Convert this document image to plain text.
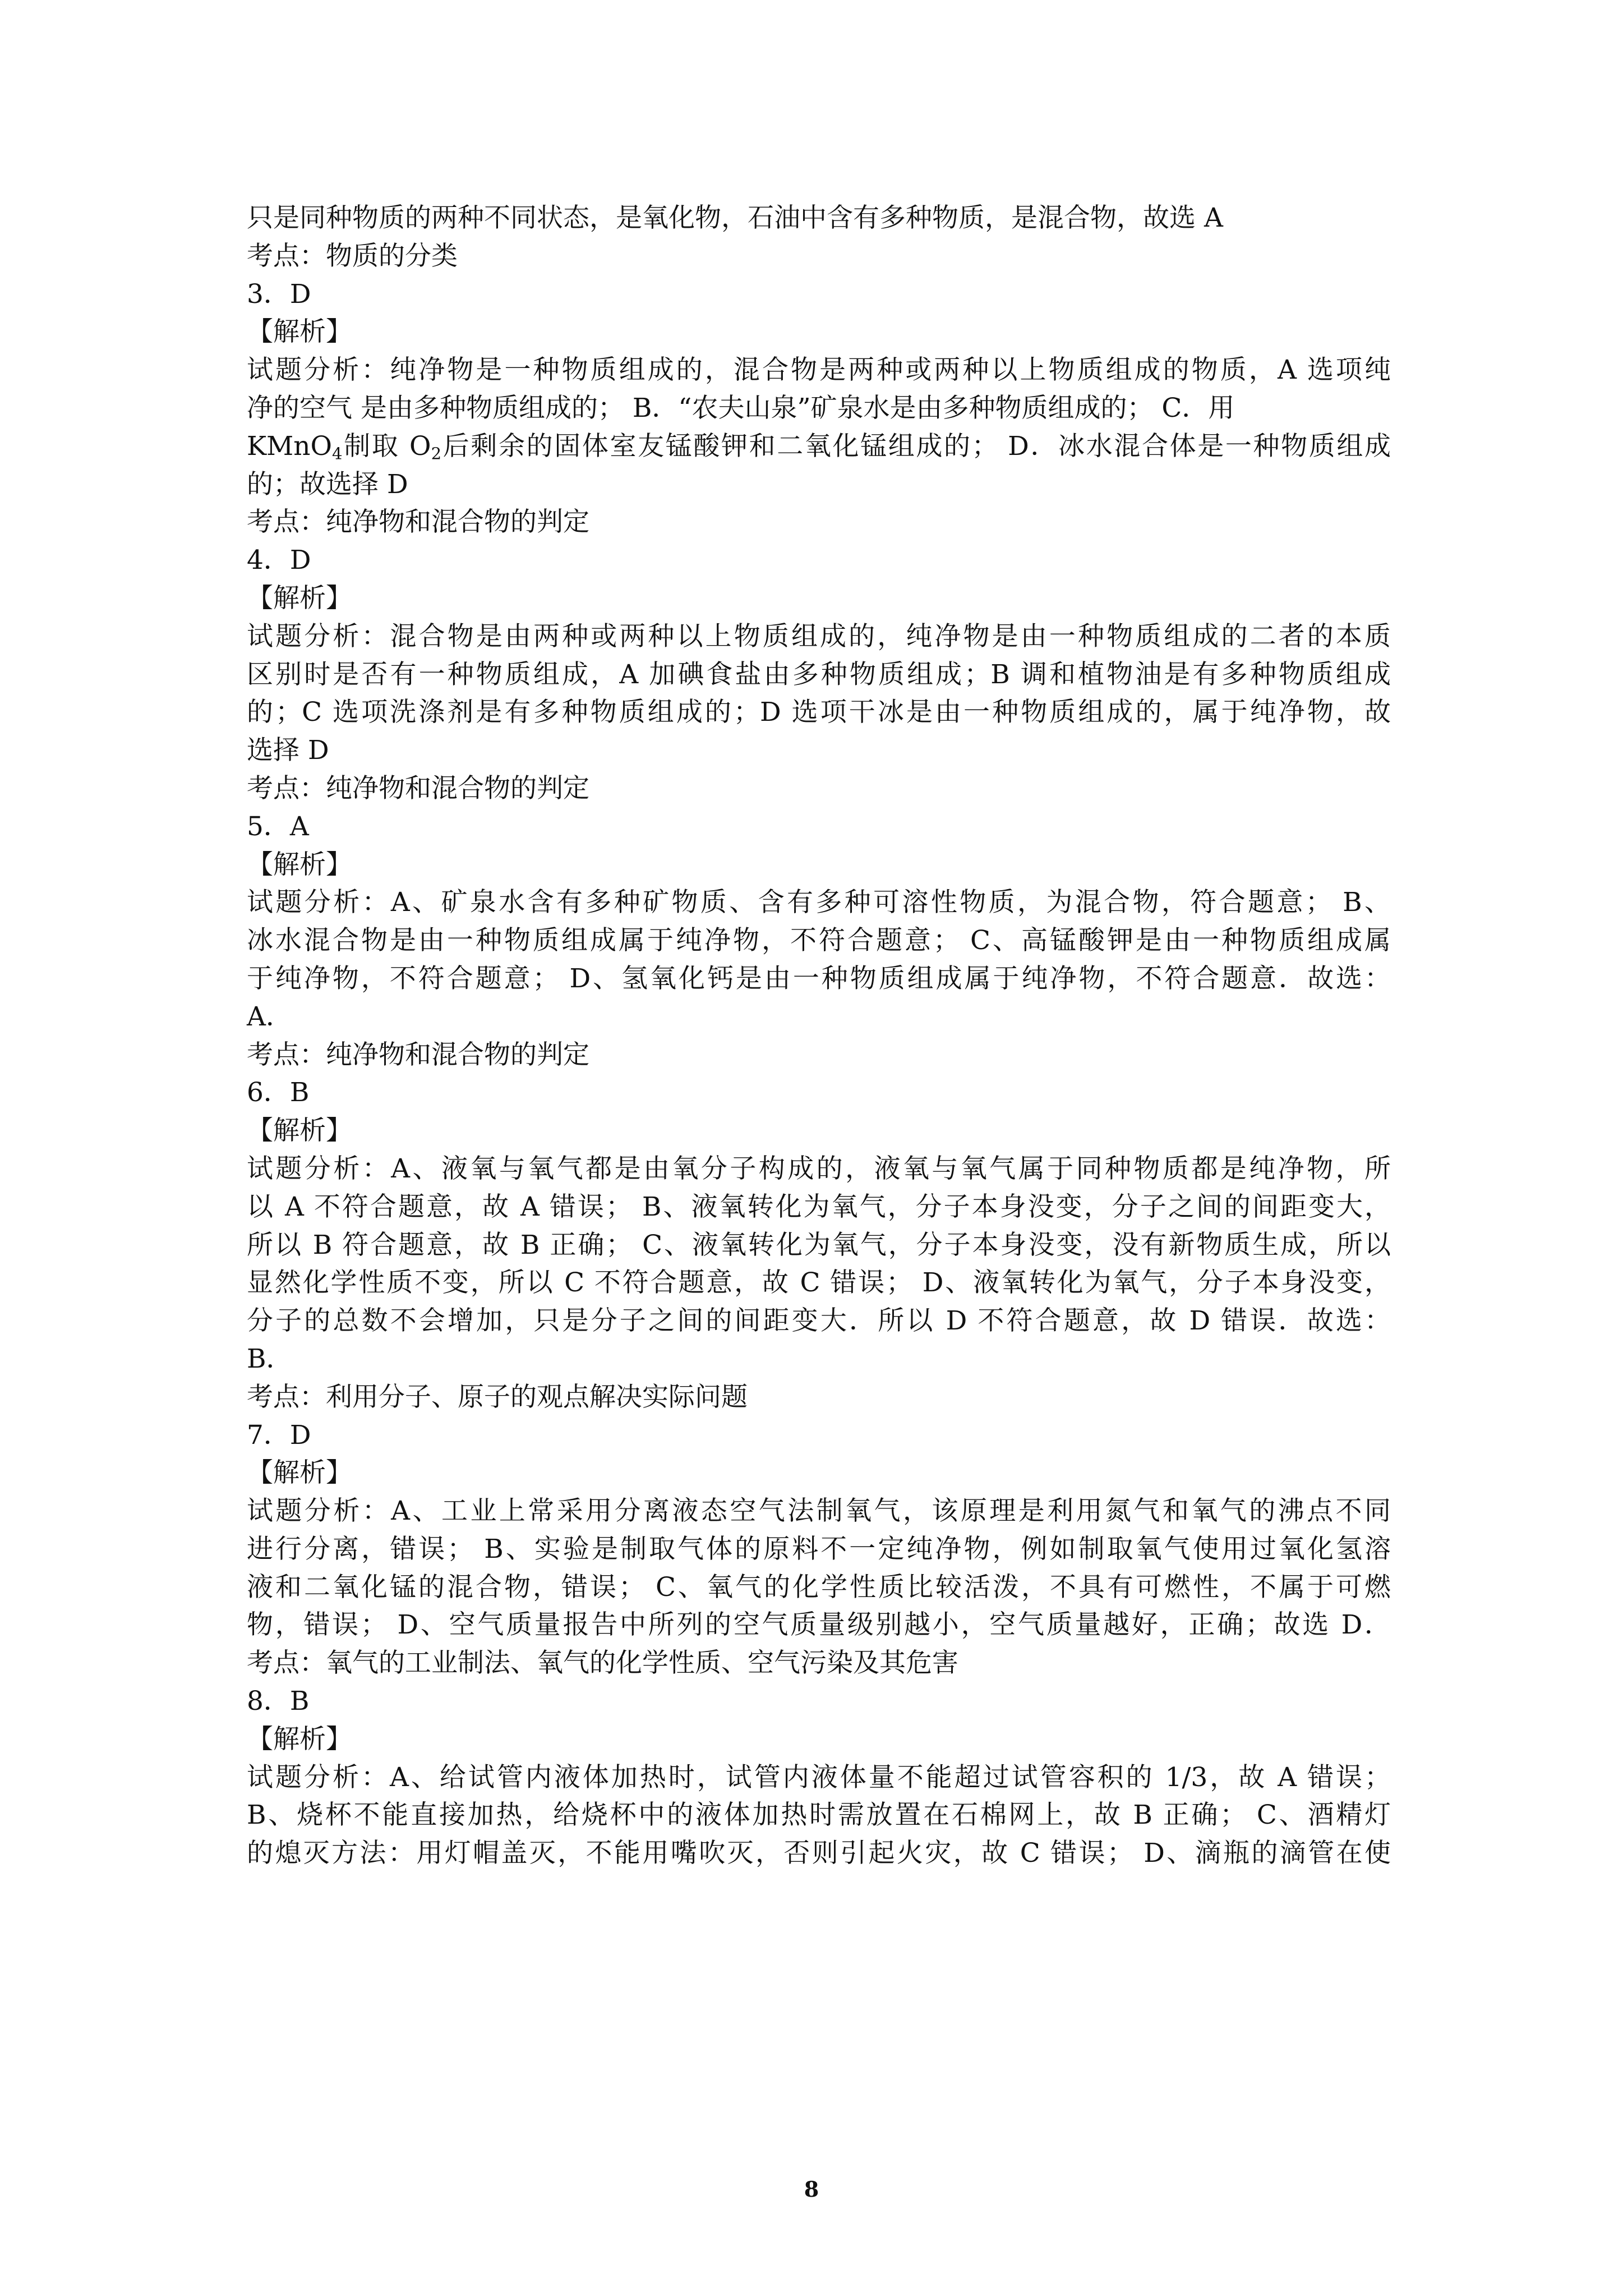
只是同种物质的两种不同状态，是氧化物，石油中含有多种物质，是混合物，故选 A
考点：物质的分类
3．D
【解析】
试题分析：纯净物是一种物质组成的，混合物是两种或两种以上物质组成的物质，A 选项纯
净的空气 是由多种物质组成的； B．“农夫山泉”矿泉水是由多种物质组成的； C．用
KMnO$_4$制取 $O_2$后剩余的固体室友锰酸钾和二氧化锰组成的； D．冰水混合体是一种物质组成
的；故选择 D
考点：纯净物和混合物的判定
4．D
【解析】
试题分析：混合物是由两种或两种以上物质组成的，纯净物是由一种物质组成的二者的本质
区别时是否有一种物质组成，A 加碘食盐由多种物质组成；B 调和植物油是有多种物质组成
的；C 选项洗涤剂是有多种物质组成的；D 选项干冰是由一种物质组成的，属于纯净物，故
选择 D
考点：纯净物和混合物的判定
5．A
【解析】
试题分析：A、矿泉水含有多种矿物质、含有多种可溶性物质，为混合物，符合题意； B、
冰水混合物是由一种物质组成属于纯净物，不符合题意； C、高锰酸钾是由一种物质组成属
于纯净物，不符合题意； D、氢氧化钙是由一种物质组成属于纯净物，不符合题意．故选：
A．
考点：纯净物和混合物的判定
6．B
【解析】
试题分析：A、液氧与氧气都是由氧分子构成的，液氧与氧气属于同种物质都是纯净物，所
以 A 不符合题意，故 A 错误； B、液氧转化为氧气，分子本身没变，分子之间的间距变大，
所以 B 符合题意，故 B 正确； C、液氧转化为氧气，分子本身没变，没有新物质生成，所以
显然化学性质不变，所以 C 不符合题意，故 C 错误； D、液氧转化为氧气，分子本身没变，
分子的总数不会增加，只是分子之间的间距变大．所以 D 不符合题意，故 D 错误．故选：
B．
考点：利用分子、原子的观点解决实际问题
7．D
【解析】
试题分析：A、工业上常采用分离液态空气法制氧气，该原理是利用氮气和氧气的沸点不同
进行分离，错误； B、实验是制取气体的原料不一定纯净物，例如制取氧气使用过氧化氢溶
液和二氧化锰的混合物，错误； C、氧气的化学性质比较活泼，不具有可燃性，不属于可燃
物，错误； D、空气质量报告中所列的空气质量级别越小，空气质量越好，正确；故选 D．
考点：氧气的工业制法、氧气的化学性质、空气污染及其危害
8．B
【解析】
试题分析：A、给试管内液体加热时，试管内液体量不能超过试管容积的 1/3，故 A 错误；
B、烧杯不能直接加热，给烧杯中的液体加热时需放置在石棉网上，故 B 正确； C、酒精灯
的熄灭方法：用灯帽盖灭，不能用嘴吹灭，否则引起火灾，故 C 错误； D、滴瓶的滴管在使
8
